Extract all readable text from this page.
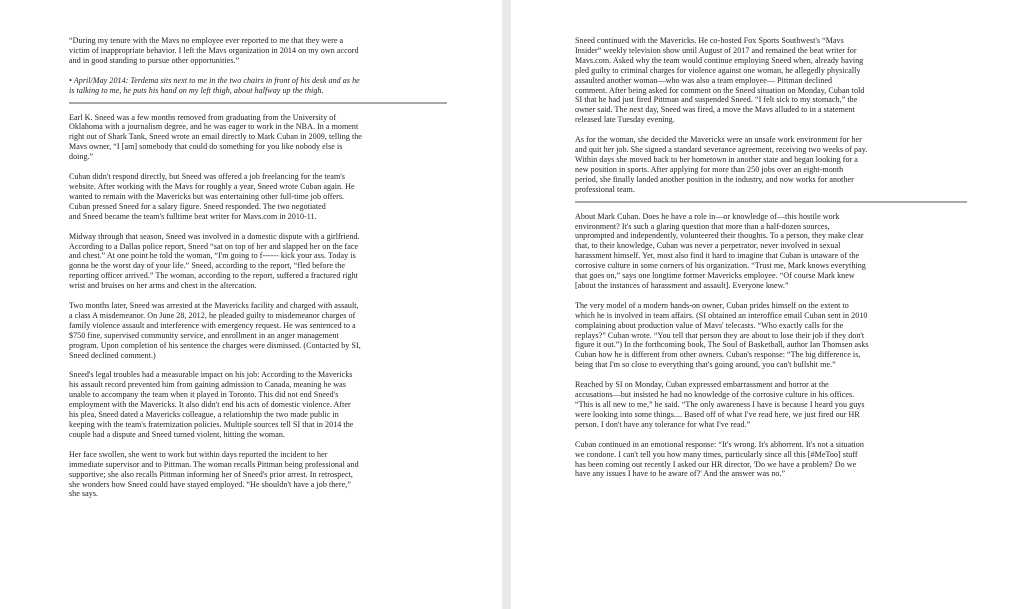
“During my tenure with the Mavs no employee ever reported to me that they were a
victim of inappropriate behavior. I left the Mavs organization in 2014 on my own accord
and in good standing to pursue other opportunities.”

• April/May 2014: Terdema sits next to me in the two chairs in front of his desk and as he
is talking to me, he puts his hand on my left thigh, about halfway up the thigh.

Earl K. Sneed was a few months removed from graduating from the University of
Oklahoma with a journalism degree, and he was eager to work in the NBA. In a moment
right out of Shark Tank, Sneed wrote an email directly to Mark Cuban in 2009, telling the
Mavs owner, “I [am] somebody that could do something for you like nobody else is
doing.”

Cuban didn't respond directly, but Sneed was offered a job freelancing for the team's
website. After working with the Mavs for roughly a year, Sneed wrote Cuban again. He
wanted to remain with the Mavericks but was entertaining other full-time job offers.
Cuban pressed Sneed for a salary figure. Sneed responded. The two negotiated
and Sneed became the team's fulltime beat writer for Mavs.com in 2010-11.

Midway through that season, Sneed was involved in a domestic dispute with a girlfriend.
According to a Dallas police report, Sneed “sat on top of her and slapped her on the face
and chest.” At one point he told the woman, “I'm going to f------ kick your ass. Today is
gonna be the worst day of your life.” Sneed, according to the report, “fled before the
reporting officer arrived.” The woman, according to the report, suffered a fractured right
wrist and bruises on her arms and chest in the altercation.

Two months later, Sneed was arrested at the Mavericks facility and charged with assault,
a class A misdemeanor. On June 28, 2012, he pleaded guilty to misdemeanor charges of
family violence assault and interference with emergency request. He was sentenced to a
$750 fine, supervised community service, and enrollment in an anger management
program. Upon completion of his sentence the charges were dismissed. (Contacted by SI,
Sneed declined comment.)

Sneed's legal troubles had a measurable impact on his job: According to the Mavericks
his assault record prevented him from gaining admission to Canada, meaning he was
unable to accompany the team when it played in Toronto. This did not end Sneed's
employment with the Mavericks. It also didn't end his acts of domestic violence. After
his plea, Sneed dated a Mavericks colleague, a relationship the two made public in
keeping with the team's fraternization policies. Multiple sources tell SI that in 2014 the
couple had a dispute and Sneed turned violent, hitting the woman.

Her face swollen, she went to work but within days reported the incident to her
immediate supervisor and to Pittman. The woman recalls Pittman being professional and
supportive; she also recalls Pittman informing her of Sneed's prior arrest. In retrospect,
she wonders how Sneed could have stayed employed. “He shouldn't have a job there,”
she says.

Sneed continued with the Mavericks. He co-hosted Fox Sports Southwest's “Mavs
Insider” weekly television show until August of 2017 and remained the beat writer for
Mavs.com. Asked why the team would continue employing Sneed when, already having
pled guilty to criminal charges for violence against one woman, he allegedly physically
assaulted another woman—who was also a team employee— Pittman declined
comment. After being asked for comment on the Sneed situation on Monday, Cuban told
SI that he had just fired Pittman and suspended Sneed. “I felt sick to my stomach,” the
owner said. The next day, Sneed was fired, a move the Mavs alluded to in a statement
released late Tuesday evening.

As for the woman, she decided the Mavericks were an unsafe work environment for her
and quit her job. She signed a standard severance agreement, receiving two weeks of pay.
Within days she moved back to her hometown in another state and began looking for a
new position in sports. After applying for more than 250 jobs over an eight-month
period, she finally landed another position in the industry, and now works for another
professional team.

About Mark Cuban. Does he have a role in—or knowledge of—this hostile work
environment? It's such a glaring question that more than a half-dozen sources,
unprompted and independently, volunteered their thoughts. To a person, they make clear
that, to their knowledge, Cuban was never a perpetrator, never involved in sexual
harassment himself. Yet, most also find it hard to imagine that Cuban is unaware of the
corrosive culture in some corners of his organization. “Trust me, Mark knows everything
that goes on,” says one longtime former Mavericks employee. “Of course Mark knew
[about the instances of harassment and assault]. Everyone knew.”

The very model of a modern hands-on owner, Cuban prides himself on the extent to
which he is involved in team affairs. (SI obtained an interoffice email Cuban sent in 2010
complaining about production value of Mavs' telecasts. “Who exactly calls for the
replays?” Cuban wrote. “You tell that person they are about to lose their job if they don't
figure it out.”) In the forthcoming book, The Soul of Basketball, author Ian Thomsen asks
Cuban how he is different from other owners. Cuban's response: “The big difference is,
being that I'm so close to everything that's going around, you can't bullshit me.”

Reached by SI on Monday, Cuban expressed embarrassment and horror at the
accusations—but insisted he had no knowledge of the corrosive culture in his offices.
“This is all new to me,” he said. “The only awareness I have is because I heard you guys
were looking into some things.... Based off of what I've read here, we just fired our HR
person. I don't have any tolerance for what I've read.”

Cuban continued in an emotional response: “It's wrong. It's abhorrent. It's not a situation
we condone. I can't tell you how many times, particularly since all this [#MeToo] stuff
has been coming out recently I asked our HR director, 'Do we have a problem? Do we
have any issues I have to be aware of?' And the answer was no.”
